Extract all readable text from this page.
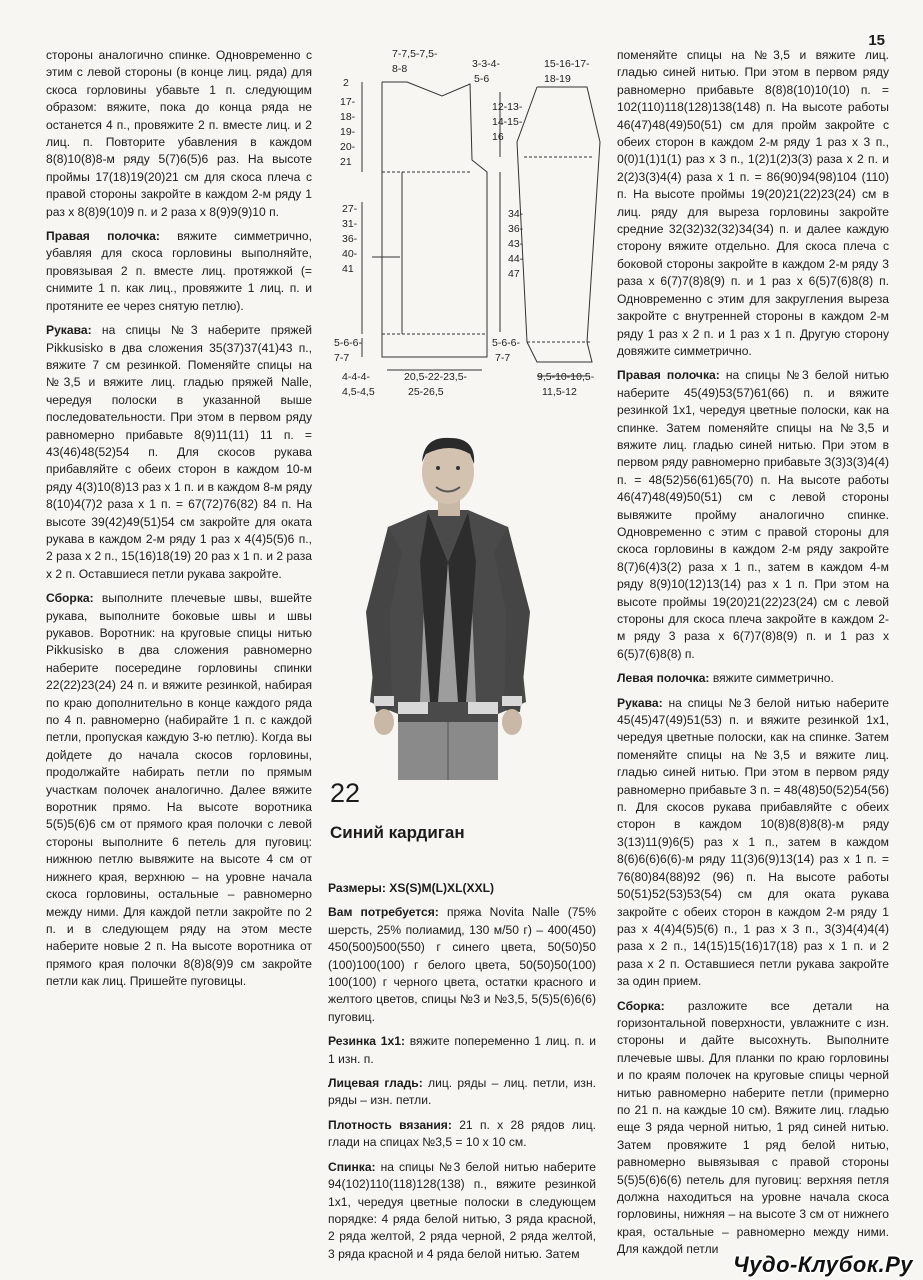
15

стороны аналогично спинке. Одновременно с этим с левой стороны (в конце лиц. ряда) для скоса горловины убавьте 1 п. следующим образом: вяжите, пока до конца ряда не останется 4 п., провяжите 2 п. вместе лиц. и 2 лиц. п. Повторите убавления в каждом 8(8)10(8)8-м ряду 5(7)6(5)6 раз. На высоте проймы 17(18)19(20)21 см для скоса плеча с правой стороны закройте в каждом 2-м ряду 1 раз x 8(8)9(10)9 п. и 2 раза x 8(9)9(9)10 п.

Правая полочка: вяжите симметрично, убавляя для скоса горловины выполняйте, провязывая 2 п. вместе лиц. протяжкой (= снимите 1 п. как лиц., провяжите 1 лиц. п. и протяните ее через снятую петлю).

Рукава: на спицы №3 наберите пряжей Pikkusisko в два сложения 35(37)37(41)43 п., вяжите 7 см резинкой. Поменяйте спицы на №3,5 и вяжите лиц. гладью пряжей Nalle, чередуя полоски в указанной выше последовательности. При этом в первом ряду равномерно прибавьте 8(9)11(11) 11 п. = 43(46)48(52)54 п. Для скосов рукава прибавляйте с обеих сторон в каждом 10-м ряду 4(3)10(8)13 раз x 1 п. и в каждом 8-м ряду 8(10)4(7)2 раза x 1 п. = 67(72)76(82) 84 п. На высоте 39(42)49(51)54 см закройте для оката рукава в каждом 2-м ряду 1 раз x 4(4)5(5)6 п., 2 раза x 2 п., 15(16)18(19) 20 раз x 1 п. и 2 раза x 2 п. Оставшиеся петли рукава закройте.

Сборка: выполните плечевые швы, вшейте рукава, выполните боковые швы и швы рукавов. Воротник: на круговые спицы нитью Pikkusisko в два сложения равномерно наберите посередине горловины спинки 22(22)23(24) 24 п. и вяжите резинкой, набирая по краю дополнительно в конце каждого ряда по 4 п. равномерно (набирайте 1 п. с каждой петли, пропуская каждую 3-ю петлю). Когда вы дойдете до начала скосов горловины, продолжайте набирать петли по прямым участкам полочек аналогично. Далее вяжите воротник прямо. На высоте воротника 5(5)5(6)6 см от прямого края полочки с левой стороны выполните 6 петель для пуговиц: нижнюю петлю вывяжите на высоте 4 см от нижнего края, верхнюю – на уровне начала скоса горловины, остальные – равномерно между ними. Для каждой петли закройте по 2 п. и в следующем ряду на этом месте наберите новые 2 п. На высоте воротника от прямого края полочки 8(8)8(9)9 см закройте петли как лиц. Пришейте пуговицы.

2
17-
18-
19-
20-
21
7-7,5-7,5-
8-8	3-3-4-
5-6
27-
31-
36-
40-
41
5-6-6-
7-7
4-4-4-
4,5-4,5
20,5-22-23,5-
25-26,5
15-16-17-
18-19
12-13-
14-15-
16
34-
36-
43-
44-
47
5-6-6-
7-7
9,5-10-10,5-
11,5-12
22
Синий кардиган

Размеры: XS(S)M(L)XL(XXL)

Вам потребуется: пряжа Novita Nalle (75% шерсть, 25% полиамид, 130 м/50 г) – 400(450) 450(500)500(550) г синего цвета, 50(50)50 (100)100(100) г белого цвета, 50(50)50(100) 100(100) г черного цвета, остатки красного и желтого цветов, спицы №3 и №3,5, 5(5)5(6)6(6) пуговиц.

Резинка 1x1: вяжите попеременно 1 лиц. п. и 1 изн. п.

Лицевая гладь: лиц. ряды – лиц. петли, изн. ряды – изн. петли.

Плотность вязания: 21 п. x 28 рядов лиц. глади на спицах №3,5 = 10 x 10 см.

Спинка: на спицы №3 белой нитью наберите 94(102)110(118)128(138) п., вяжите резинкой 1x1, чередуя цветные полоски в следующем порядке: 4 ряда белой нитью, 3 ряда красной, 2 ряда желтой, 2 ряда черной, 2 ряда желтой, 3 ряда красной и 4 ряда белой нитью. Затем

поменяйте спицы на №3,5 и вяжите лиц. гладью синей нитью. При этом в первом ряду равномерно прибавьте 8(8)8(10)10(10) п. = 102(110)118(128)138(148) п. На высоте работы 46(47)48(49)50(51) см для пройм закройте с обеих сторон в каждом 2-м ряду 1 раз x 3 п., 0(0)1(1)1(1) раз x 3 п., 1(2)1(2)3(3) раза x 2 п. и 2(2)3(3)4(4) раза x 1 п. = 86(90)94(98)104 (110) п. На высоте проймы 19(20)21(22)23(24) см в лиц. ряду для выреза горловины закройте средние 32(32)32(32)34(34) п. и далее каждую сторону вяжите отдельно. Для скоса плеча с боковой стороны закройте в каждом 2-м ряду 3 раза x 6(7)7(8)8(9) п. и 1 раз x 6(5)7(6)8(8) п. Одновременно с этим для закругления выреза закройте с внутренней стороны в каждом 2-м ряду 1 раз x 2 п. и 1 раз x 1 п. Другую сторону довяжите симметрично.

Правая полочка: на спицы №3 белой нитью наберите 45(49)53(57)61(66) п. и вяжите резинкой 1x1, чередуя цветные полоски, как на спинке. Затем поменяйте спицы на №3,5 и вяжите лиц. гладью синей нитью. При этом в первом ряду равномерно прибавьте 3(3)3(3)4(4) п. = 48(52)56(61)65(70) п. На высоте работы 46(47)48(49)50(51) см с левой стороны вывяжите пройму аналогично спинке. Одновременно с этим с правой стороны для скоса горловины в каждом 2-м ряду закройте 8(7)6(4)3(2) раза x 1 п., затем в каждом 4-м ряду 8(9)10(12)13(14) раз x 1 п. При этом на высоте проймы 19(20)21(22)23(24) см с левой стороны для скоса плеча закройте в каждом 2-м ряду 3 раза x 6(7)7(8)8(9) п. и 1 раз x 6(5)7(6)8(8) п.

Левая полочка: вяжите симметрично.

Рукава: на спицы №3 белой нитью наберите 45(45)47(49)51(53) п. и вяжите резинкой 1x1, чередуя цветные полоски, как на спинке. Затем поменяйте спицы на №3,5 и вяжите лиц. гладью синей нитью. При этом в первом ряду равномерно прибавьте 3 п. = 48(48)50(52)54(56) п. Для скосов рукава прибавляйте с обеих сторон в каждом 10(8)8(8)8(8)-м ряду 3(13)11(9)6(5) раз x 1 п., затем в каждом 8(6)6(6)6(6)-м ряду 11(3)6(9)13(14) раз x 1 п. = 76(80)84(88)92 (96) п. На высоте работы 50(51)52(53)53(54) см для оката рукава закройте с обеих сторон в каждом 2-м ряду 1 раз x 4(4)4(5)5(6) п., 1 раз x 3 п., 3(3)4(4)4(4) раза x 2 п., 14(15)15(16)17(18) раз x 1 п. и 2 раза x 2 п. Оставшиеся петли рукава закройте за один прием.

Сборка: разложите все детали на горизонтальной поверхности, увлажните с изн. стороны и дайте высохнуть. Выполните плечевые швы. Для планки по краю горловины и по краям полочек на круговые спицы черной нитью равномерно наберите петли (примерно по 21 п. на каждые 10 см). Вяжите лиц. гладью еще 3 ряда черной нитью, 1 ряд синей нитью. Затем провяжите 1 ряд белой нитью, равномерно вывязывая с правой стороны 5(5)5(6)6(6) петель для пуговиц: верхняя петля должна находиться на уровне начала скоса горловины, нижняя – на высоте 3 см от нижнего края, остальные – равномерно между ними. Для каждой петли

Чудо-Клубок.Ру
